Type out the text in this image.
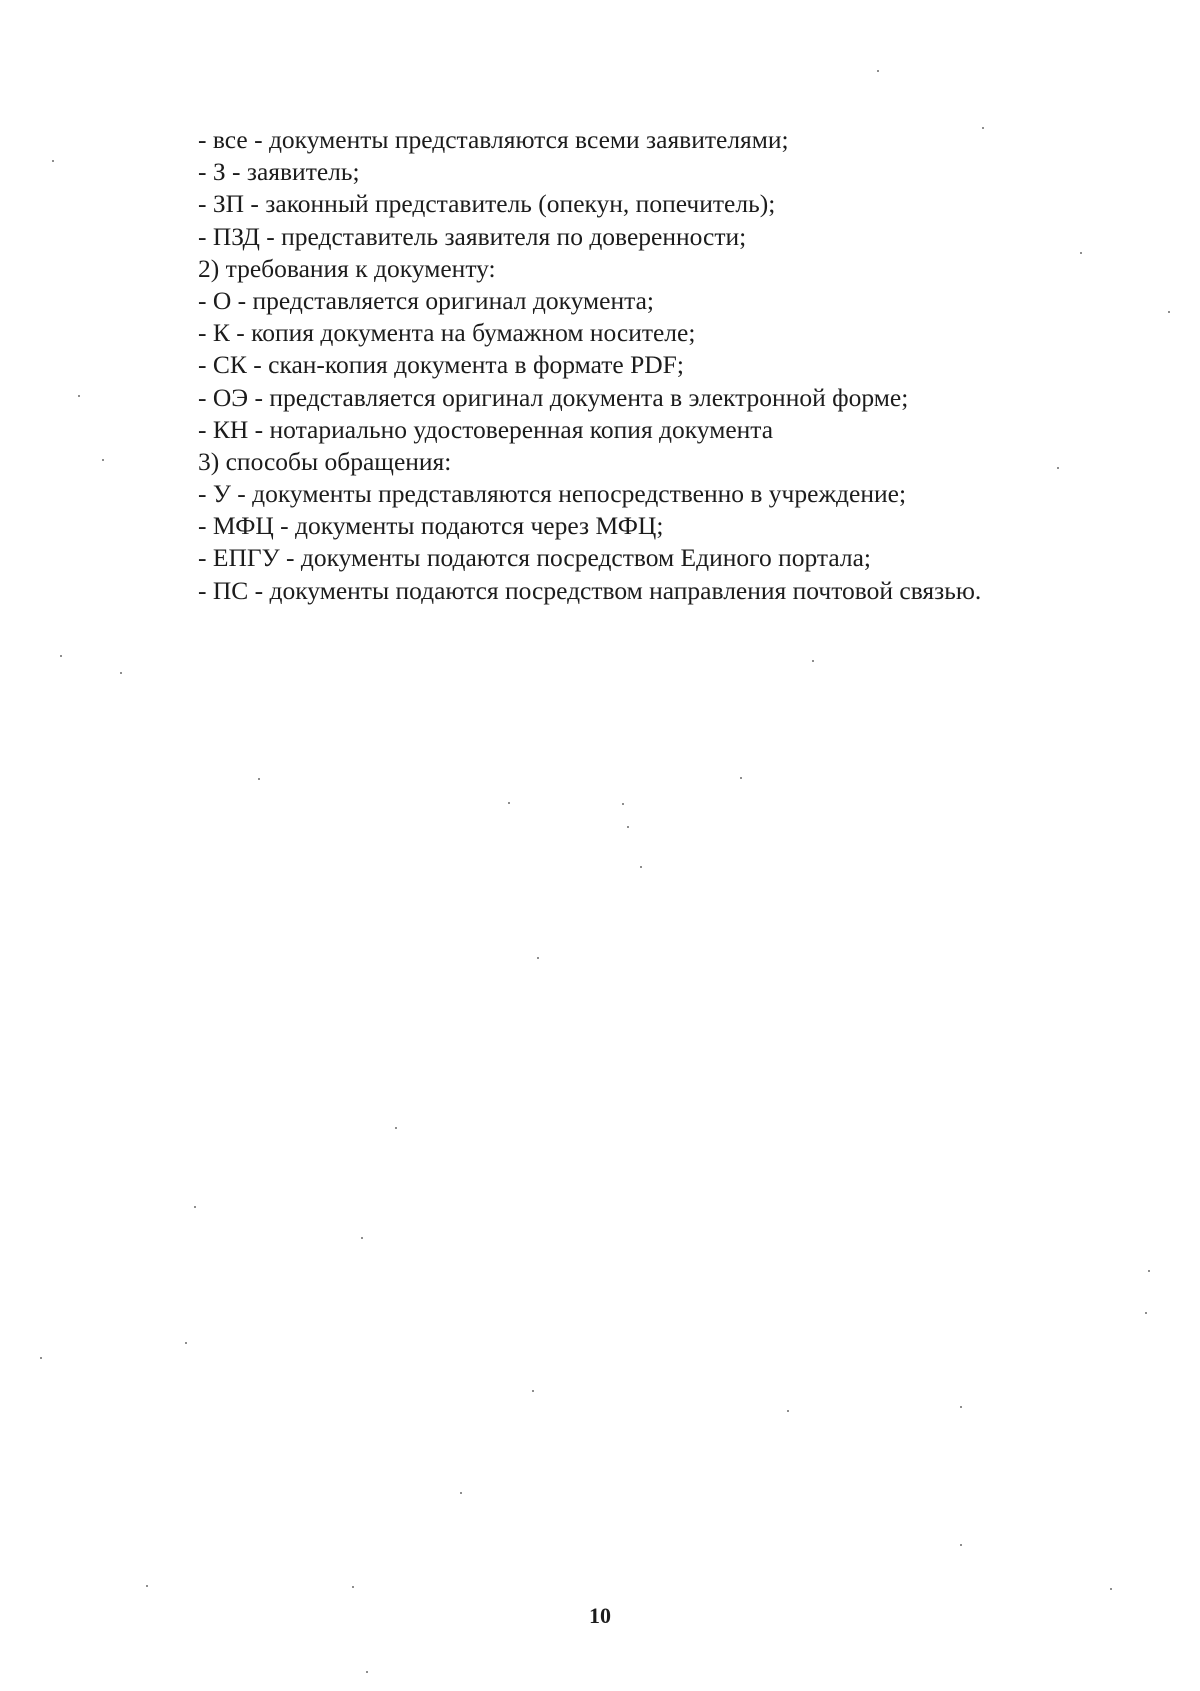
- все - документы представляются всеми заявителями;
- З - заявитель;
- ЗП - законный представитель (опекун, попечитель);
- ПЗД - представитель заявителя по доверенности;
2) требования к документу:
- О - представляется оригинал документа;
- К - копия документа на бумажном носителе;
- СК - скан-копия документа в формате PDF;
- ОЭ - представляется оригинал документа в электронной форме;
- КН - нотариально удостоверенная копия документа
3) способы обращения:
- У - документы представляются непосредственно в учреждение;
- МФЦ - документы подаются через МФЦ;
- ЕПГУ - документы подаются посредством Единого портала;
- ПС - документы подаются посредством направления почтовой связью.
10
